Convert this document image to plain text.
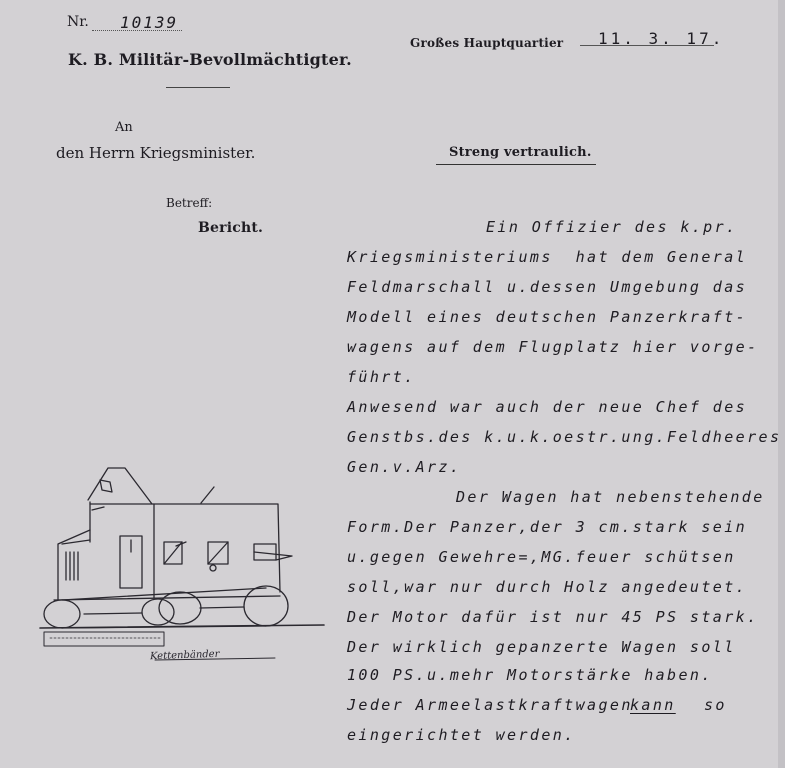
Nr. 10139
K. B. Militär-Bevollmächtigter.
Großes Hauptquartier 11. 3. 17.
An
den Herrn Kriegsminister.	Streng vertraulich.
Betreff:
Bericht.	Ein Offizier des k.pr.
Kriegsministeriums  hat dem General
Feldmarschall u.dessen Umgebung das
Modell eines deutschen Panzerkraft-
wagens auf dem Flugplatz hier vorge-
führt.
Anwesend war auch der neue Chef des
Genstbs.des k.u.k.oestr.ung.Feldheeres
Gen.v.Arz.
Der Wagen hat nebenstehende
Form.Der Panzer,der 3 cm.stark sein
u.gegen Gewehre=,MG.feuer schütsen
soll,war nur durch Holz angedeutet.
Der Motor dafür ist nur 45 PS stark.
Der wirklich gepanzerte Wagen soll
100 PS.u.mehr Motorstärke haben.
Jeder Armeelastkraftwagen
kann so
eingerichtet werden.
Kettenbänder
